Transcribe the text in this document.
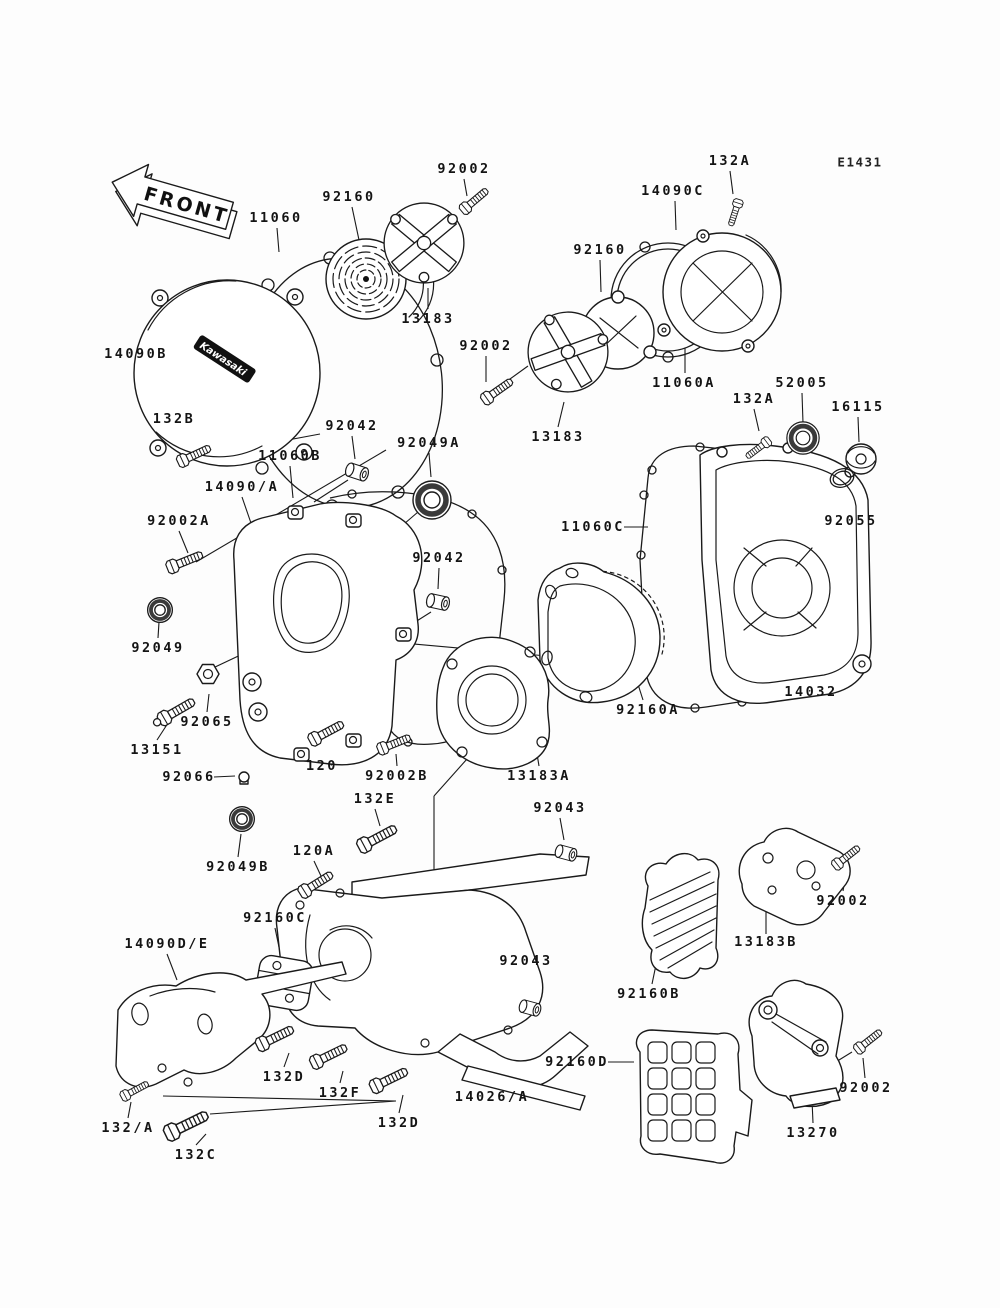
FRONT
Kawasaki
E1431
92002	132A
14090C
92160
11060
92160
13183
14090B	92002
11060A	52005
132A	16115
132B	92042
13183
92049A
11060B
14090/A
92002A	11060C	92055
92042
92049
14032
92160A
92065
13151
120
92066	92002B	13183A
132E
92043
120A
92049B
92002
92160C
13183B
14090D/E
92043
92160B
92160D
132D
92002
132F	14026/A
132D
132/A	13270
132C
